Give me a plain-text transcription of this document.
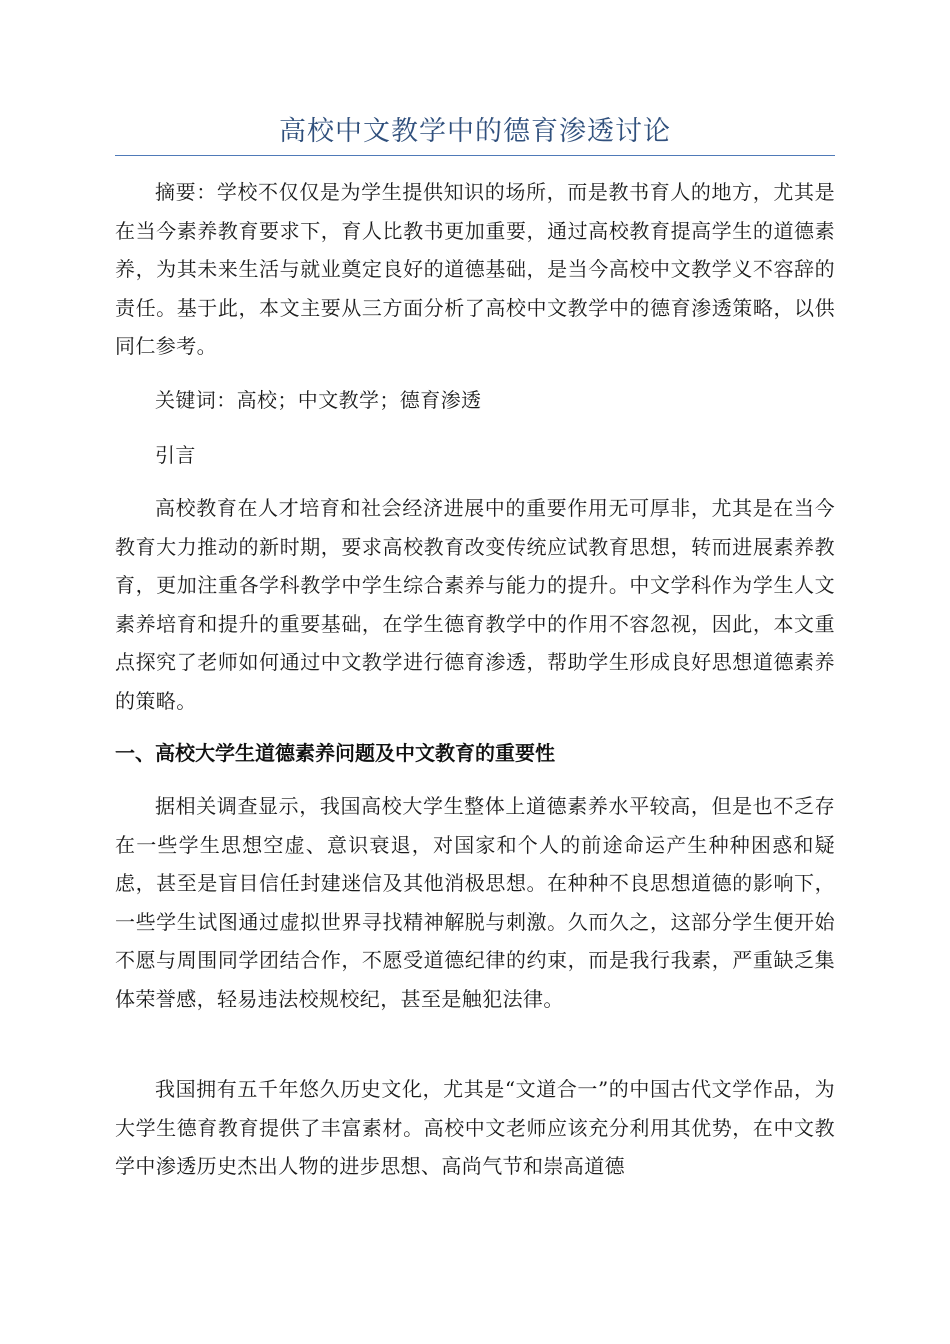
高校中文教学中的德育渗透讨论

摘要：学校不仅仅是为学生提供知识的场所，而是教书育人的地方，尤其是在当今素养教育要求下，育人比教书更加重要，通过高校教育提高学生的道德素养，为其未来生活与就业奠定良好的道德基础，是当今高校中文教学义不容辞的责任。基于此，本文主要从三方面分析了高校中文教学中的德育渗透策略，以供同仁参考。

关键词：高校；中文教学；德育渗透

引言

高校教育在人才培育和社会经济进展中的重要作用无可厚非，尤其是在当今教育大力推动的新时期，要求高校教育改变传统应试教育思想，转而进展素养教育，更加注重各学科教学中学生综合素养与能力的提升。中文学科作为学生人文素养培育和提升的重要基础，在学生德育教学中的作用不容忽视，因此，本文重点探究了老师如何通过中文教学进行德育渗透，帮助学生形成良好思想道德素养的策略。

一、高校大学生道德素养问题及中文教育的重要性

据相关调查显示，我国高校大学生整体上道德素养水平较高，但是也不乏存在一些学生思想空虚、意识衰退，对国家和个人的前途命运产生种种困惑和疑虑，甚至是盲目信任封建迷信及其他消极思想。在种种不良思想道德的影响下，一些学生试图通过虚拟世界寻找精神解脱与刺激。久而久之，这部分学生便开始不愿与周围同学团结合作，不愿受道德纪律的约束，而是我行我素，严重缺乏集体荣誉感，轻易违法校规校纪，甚至是触犯法律。

我国拥有五千年悠久历史文化，尤其是“文道合一”的中国古代文学作品，为大学生德育教育提供了丰富素材。高校中文老师应该充分利用其优势，在中文教学中渗透历史杰出人物的进步思想、高尚气节和崇高道德
